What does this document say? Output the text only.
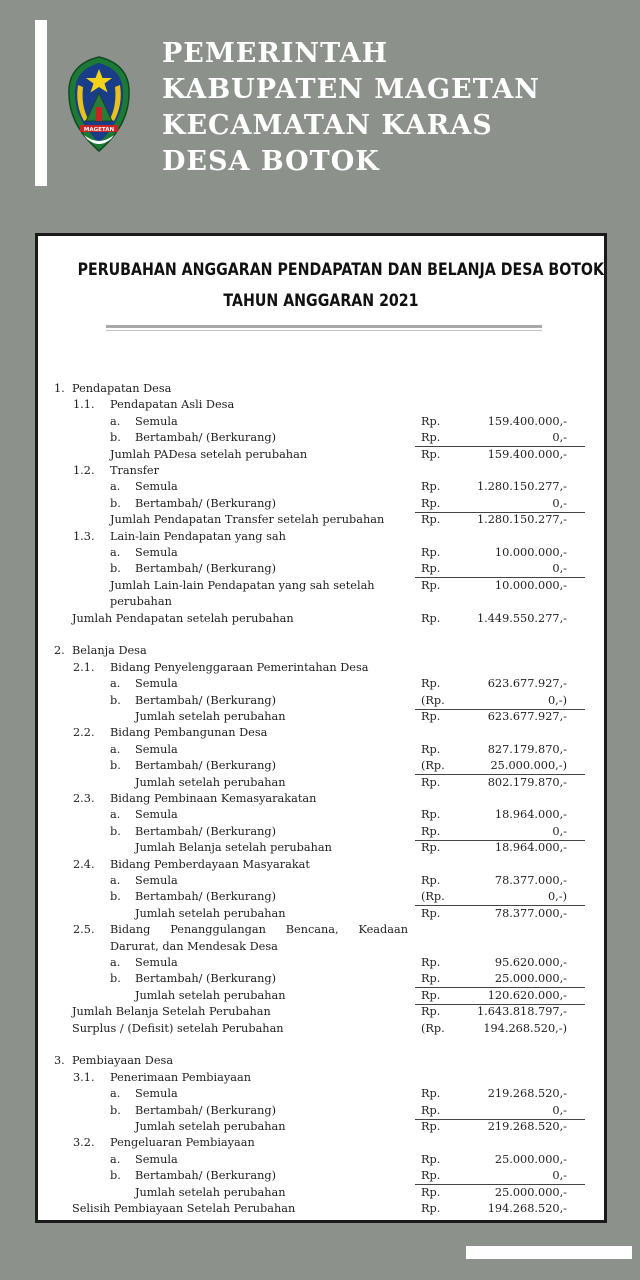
MAGETAN
PEMERINTAH
KABUPATEN MAGETAN
KECAMATAN KARAS
DESA BOTOK
PERUBAHAN ANGGARAN PENDAPATAN DAN BELANJA DESA BOTOK
TAHUN ANGGARAN 2021
1. Pendapatan Desa
1.1. Pendapatan Asli Desa
a. Semula	Rp.	159.400.000,-
b. Bertambah/ (Berkurang)	Rp.	0,-
Jumlah PADesa setelah perubahan	Rp.	159.400.000,-
1.2. Transfer
a. Semula	Rp.	1.280.150.277,-
b. Bertambah/ (Berkurang)	Rp.	0,-
Jumlah Pendapatan Transfer setelah perubahan	Rp.	1.280.150.277,-
1.3. Lain-lain Pendapatan yang sah
a. Semula	Rp.	10.000.000,-
b. Bertambah/ (Berkurang)	Rp.	0,-
Jumlah Lain-lain Pendapatan yang sah setelah	Rp.	10.000.000,-
perubahan
Jumlah Pendapatan setelah perubahan	Rp.	1.449.550.277,-
2. Belanja Desa
2.1. Bidang Penyelenggaraan Pemerintahan Desa
a. Semula	Rp.	623.677.927,-
b. Bertambah/ (Berkurang)	(Rp.	0,-)
Jumlah setelah perubahan	Rp.	623.677.927,-
2.2. Bidang Pembangunan Desa
a. Semula	Rp.	827.179.870,-
b. Bertambah/ (Berkurang)	(Rp.	25.000.000,-)
Jumlah setelah perubahan	Rp.	802.179.870,-
2.3. Bidang Pembinaan Kemasyarakatan
a. Semula	Rp.	18.964.000,-
b. Bertambah/ (Berkurang)	Rp.	0,-
Jumlah Belanja setelah perubahan	Rp.	18.964.000,-
2.4. Bidang Pemberdayaan Masyarakat
a. Semula	Rp.	78.377.000,-
b. Bertambah/ (Berkurang)	(Rp.	0,-)
Jumlah setelah perubahan	Rp.	78.377.000,-
2.5. Bidang Penanggulangan Bencana, Keadaan
Darurat, dan Mendesak Desa
a. Semula	Rp.	95.620.000,-
b. Bertambah/ (Berkurang)	Rp.	25.000.000,-
Jumlah setelah perubahan	Rp.	120.620.000,-
Jumlah Belanja Setelah Perubahan	Rp.	1.643.818.797,-
Surplus / (Defisit) setelah Perubahan	(Rp.	194.268.520,-)
3. Pembiayaan Desa
3.1. Penerimaan Pembiayaan
a. Semula	Rp.	219.268.520,-
b. Bertambah/ (Berkurang)	Rp.	0,-
Jumlah setelah perubahan	Rp.	219.268.520,-
3.2. Pengeluaran Pembiayaan
a. Semula	Rp.	25.000.000,-
b. Bertambah/ (Berkurang)	Rp.	0,-
Jumlah setelah perubahan	Rp.	25.000.000,-
Selisih Pembiayaan Setelah Perubahan	Rp.	194.268.520,-
